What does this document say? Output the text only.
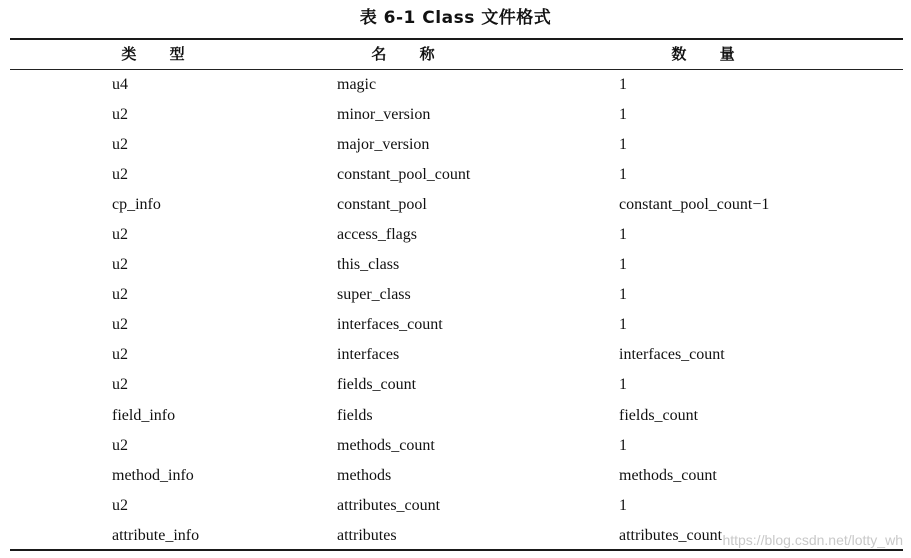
表 6-1 Class 文件格式
类 型	名 称	数 量
u4	magic	1
u2	minor_version	1
u2	major_version	1
u2	constant_pool_count	1
cp_info	constant_pool	constant_pool_count−1
u2	access_flags	1
u2	this_class	1
u2	super_class	1
u2	interfaces_count	1
u2	interfaces	interfaces_count
u2	fields_count	1
field_info	fields	fields_count
u2	methods_count	1
method_info	methods	methods_count
u2	attributes_count	1
attribute_info	attributes	attributes_count https://blog.csdn.net/lotty_wh
